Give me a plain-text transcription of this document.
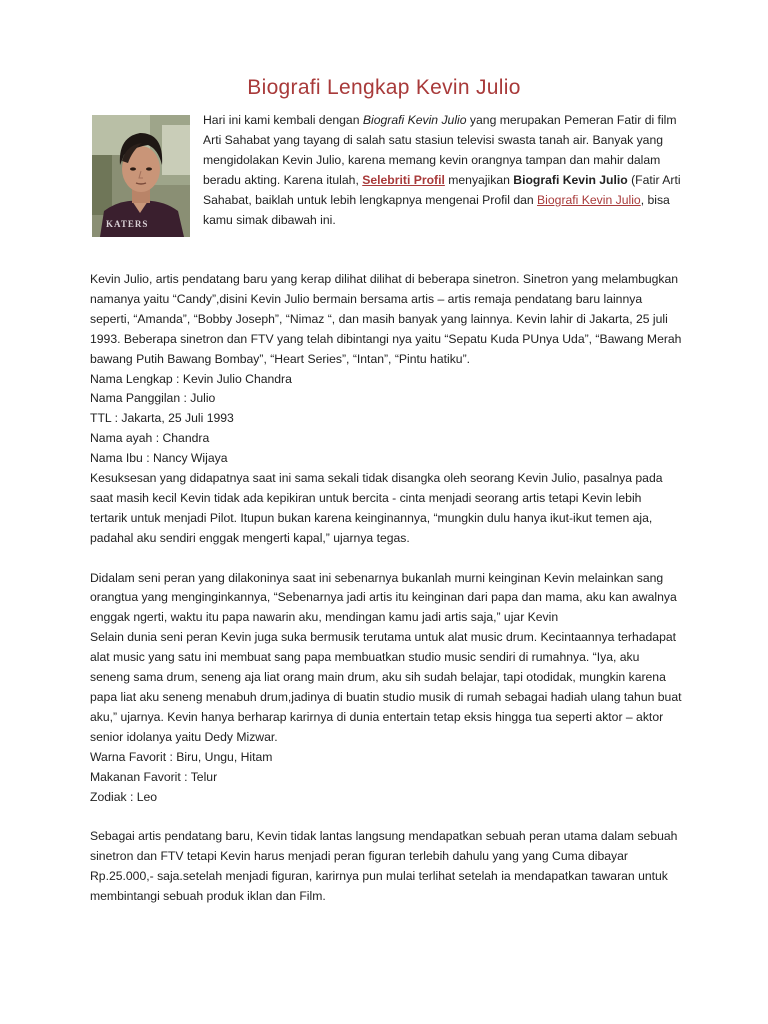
Biografi Lengkap Kevin Julio
KATERS
Hari ini kami kembali dengan Biografi Kevin Julio yang merupakan Pemeran Fatir di film Arti Sahabat yang tayang di salah satu stasiun televisi swasta tanah air. Banyak yang mengidolakan Kevin Julio, karena memang kevin orangnya tampan dan mahir dalam beradu akting. Karena itulah, Selebriti Profil menyajikan Biografi Kevin Julio (Fatir Arti Sahabat, baiklah untuk lebih lengkapnya mengenai Profil dan Biografi Kevin Julio, bisa kamu simak dibawah ini.

Kevin Julio, artis pendatang baru yang kerap dilihat dilihat di beberapa sinetron. Sinetron yang melambugkan namanya yaitu “Candy”,disini Kevin Julio bermain bersama artis – artis remaja pendatang baru lainnya seperti, “Amanda”, “Bobby Joseph”, “Nimaz “, dan masih banyak yang lainnya. Kevin lahir di Jakarta, 25 juli 1993. Beberapa sinetron dan FTV yang telah dibintangi nya yaitu “Sepatu Kuda PUnya Uda”, “Bawang Merah bawang Putih Bawang Bombay”, “Heart Series”, “Intan”, “Pintu hatiku”.

Nama Lengkap : Kevin Julio Chandra

Nama Panggilan : Julio

TTL : Jakarta, 25 Juli 1993

Nama ayah : Chandra

Nama Ibu : Nancy Wijaya

Kesuksesan yang didapatnya saat ini sama sekali tidak disangka oleh seorang Kevin Julio, pasalnya pada saat masih kecil Kevin tidak ada kepikiran untuk bercita - cinta menjadi seorang artis tetapi Kevin lebih tertarik untuk menjadi Pilot. Itupun bukan karena keinginannya, “mungkin dulu hanya ikut-ikut temen aja, padahal aku sendiri enggak mengerti kapal,” ujarnya tegas.

Didalam seni peran yang dilakoninya saat ini sebenarnya bukanlah murni keinginan Kevin melainkan sang orangtua yang menginginkannya, “Sebenarnya jadi artis itu keinginan dari papa dan mama, aku kan awalnya enggak ngerti, waktu itu papa nawarin aku, mendingan kamu jadi artis saja,” ujar Kevin

Selain dunia seni peran Kevin juga suka bermusik terutama untuk alat music drum. Kecintaannya terhadapat alat music yang satu ini membuat sang papa membuatkan studio music sendiri di rumahnya. “Iya, aku seneng sama drum, seneng aja liat orang main drum, aku sih sudah belajar, tapi otodidak, mungkin karena papa liat aku seneng menabuh drum,jadinya di buatin studio musik di rumah sebagai hadiah ulang tahun buat aku,” ujarnya. Kevin hanya berharap karirnya di dunia entertain tetap eksis hingga tua seperti aktor – aktor senior idolanya yaitu Dedy Mizwar.

Warna Favorit : Biru, Ungu, Hitam

Makanan Favorit : Telur

Zodiak : Leo

Sebagai artis pendatang baru, Kevin tidak lantas langsung mendapatkan sebuah peran utama dalam sebuah sinetron dan FTV tetapi Kevin harus menjadi peran figuran terlebih dahulu yang yang Cuma dibayar Rp.25.000,- saja.setelah menjadi figuran, karirnya pun mulai terlihat setelah ia mendapatkan tawaran untuk membintangi sebuah produk iklan dan Film.
